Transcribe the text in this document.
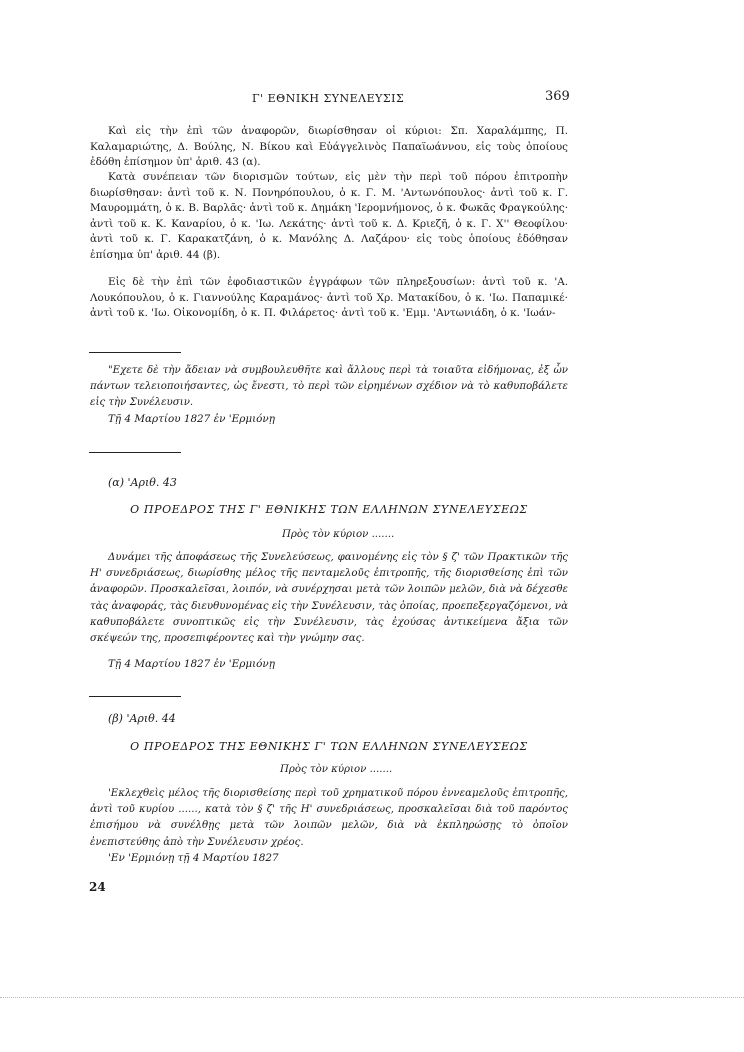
Γ' ΕΘΝΙΚΗ ΣΥΝΕΛΕΥΣΙΣ	369

Καὶ εἰς τὴν ἐπὶ τῶν ἀναφορῶν, διωρίσθησαν οἱ κύριοι: Σπ. Χαραλάμπης, Π. Καλαμαριώτης, Δ. Βούλης, Ν. Βίκου καὶ Εὐάγγελινὸς Παπαϊωάννου, εἰς τοὺς ὁποίους ἐδόθη ἐπίσημον ὑπ' ἀριθ. 43 (α).

Κατὰ συνέπειαν τῶν διορισμῶν τούτων, εἰς μὲν τὴν περὶ τοῦ πόρου ἐπιτροπὴν διωρίσθησαν: ἀντὶ τοῦ κ. Ν. Πονηρόπουλου, ὁ κ. Γ. Μ. 'Αντωνόπουλος· ἀντὶ τοῦ κ. Γ. Μαυρομμάτη, ὁ κ. Β. Βαρλᾶς· ἀντὶ τοῦ κ. Δημάκη 'Ιερομνήμονος, ὁ κ. Φωκᾶς Φραγκούλης· ἀντὶ τοῦ κ. Κ. Καναρίου, ὁ κ. 'Ιω. Λεκάτης· ἀντὶ τοῦ κ. Δ. Κριεζῆ, ὁ κ. Γ. Χ'' Θεοφίλου· ἀντὶ τοῦ κ. Γ. Καρακατζάνη, ὁ κ. Μανόλης Δ. Λαζάρου· εἰς τοὺς ὁποίους ἐδόθησαν ἐπίσημα ὑπ' ἀριθ. 44 (β).

Εἰς δὲ τὴν ἐπὶ τῶν ἐφοδιαστικῶν ἐγγράφων τῶν πληρεξουσίων: ἀντὶ τοῦ κ. 'Α. Λουκόπουλου, ὁ κ. Γιαννούλης Καραμάνος· ἀντὶ τοῦ Χρ. Ματακίδου, ὁ κ. 'Ιω. Παπαμικέ· ἀντὶ τοῦ κ. 'Ιω. Οἰκονομίδη, ὁ κ. Π. Φιλάρετος· ἀντὶ τοῦ κ. 'Εμμ. 'Αντωνιάδη, ὁ κ. 'Ιωάν-

"Εχετε δὲ τὴν ἄδειαν νὰ συμβουλευθῆτε καὶ ἄλλους περὶ τὰ τοιαῦτα εἰδήμονας, ἐξ ὧν πάντων τελειοποιήσαντες, ὡς ἔνεστι, τὸ περὶ τῶν εἰρημένων σχέδιον νὰ τὸ καθυποβάλετε εἰς τὴν Συνέλευσιν.

Τῇ 4 Μαρτίου 1827 ἐν 'Ερμιόνῃ
(α) 'Αριθ. 43
Ο ΠΡΟΕΔΡΟΣ ΤΗΣ Γ' ΕΘΝΙΚΗΣ ΤΩΝ ΕΛΛΗΝΩΝ ΣΥΝΕΛΕΥΣΕΩΣ
Πρὸς τὸν κύριον .......

Δυνάμει τῆς ἀποφάσεως τῆς Συνελεύσεως, φαινομένης εἰς τὸν § ζ' τῶν Πρακτικῶν τῆς Η' συνεδριάσεως, διωρίσθης μέλος τῆς πενταμελοῦς ἐπιτροπῆς, τῆς διορισθείσης ἐπὶ τῶν ἀναφορῶν. Προσκαλεῖσαι, λοιπόν, νὰ συνέρχησαι μετὰ τῶν λοιπῶν μελῶν, διὰ νὰ δέχεσθε τὰς ἀναφοράς, τὰς διευθυνομένας εἰς τὴν Συνέλευσιν, τὰς ὁποίας, προεπεξεργαζόμενοι, νὰ καθυποβάλετε συνοπτικῶς εἰς τὴν Συνέλευσιν, τὰς ἐχούσας ἀντικείμενα ἄξια τῶν σκέψεών της, προσεπιφέροντες καὶ τὴν γνώμην σας.

Τῇ 4 Μαρτίου 1827 ἐν 'Ερμιόνῃ
(β) 'Αριθ. 44
Ο ΠΡΟΕΔΡΟΣ ΤΗΣ ΕΘΝΙΚΗΣ Γ' ΤΩΝ ΕΛΛΗΝΩΝ ΣΥΝΕΛΕΥΣΕΩΣ
Πρὸς τὸν κύριον .......

'Εκλεχθεὶς μέλος τῆς διορισθείσης περὶ τοῦ χρηματικοῦ πόρου ἐννεαμελοῦς ἐπιτροπῆς, ἀντὶ τοῦ κυρίου ......, κατὰ τὸν § ζ' τῆς Η' συνεδριάσεως, προσκαλεῖσαι διὰ τοῦ παρόντος ἐπισήμου νὰ συνέλθῃς μετὰ τῶν λοιπῶν μελῶν, διὰ νὰ ἐκπληρώσῃς τὸ ὁποῖον ἐνεπιστεύθης ἀπὸ τὴν Συνέλευσιν χρέος.

'Εν 'Ερμιόνῃ τῇ 4 Μαρτίου 1827
24
